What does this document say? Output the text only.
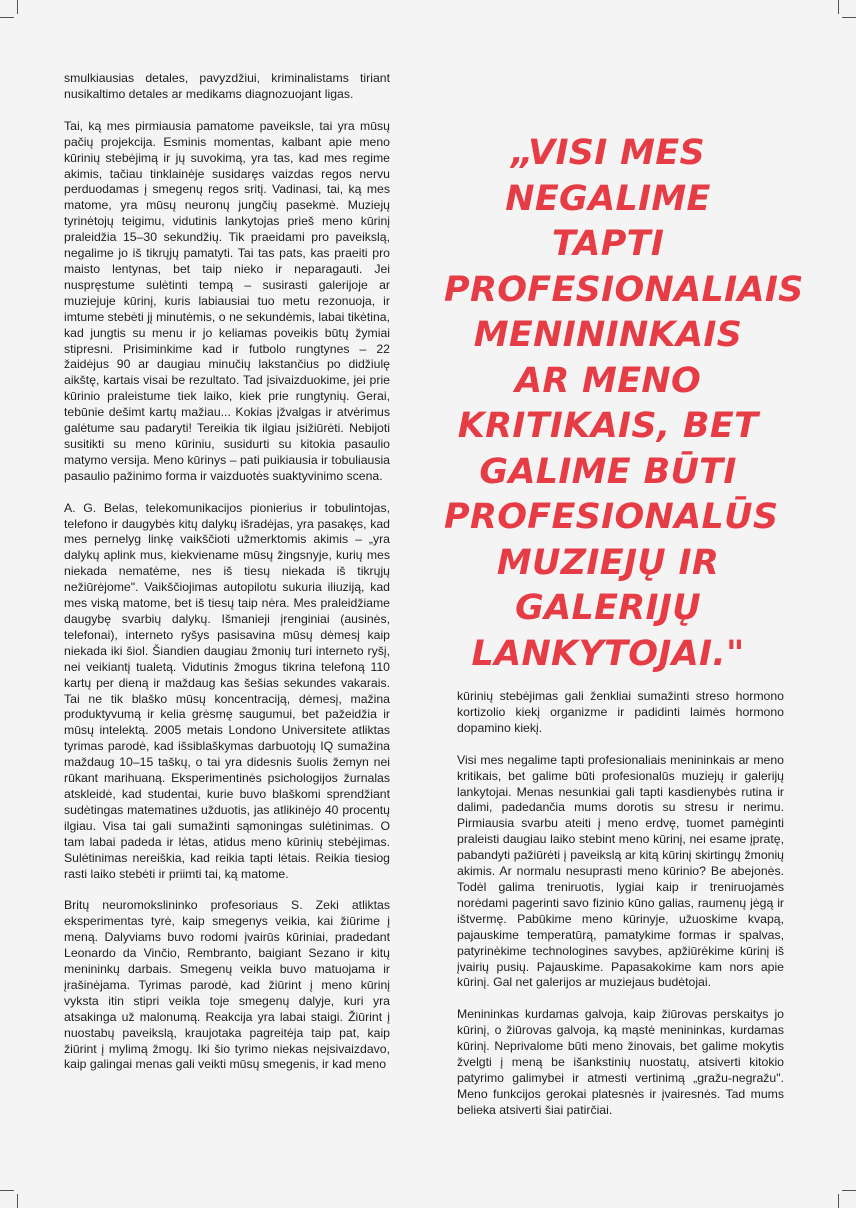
smulkiausias detales, pavyzdžiui, kriminalistams tiriant nusikaltimo detales ar medikams diagnozuojant ligas.

Tai, ką mes pirmiausia pamatome paveiksle, tai yra mūsų pačių projekcija. Esminis momentas, kalbant apie meno kūrinių stebėjimą ir jų suvokimą, yra tas, kad mes regime akimis, tačiau tinklainėje susidaręs vaizdas regos nervu perduodamas į smegenų regos sritį. Vadinasi, tai, ką mes matome, yra mūsų neuronų jungčių pasekmė. Muziejų tyrinėtojų teigimu, vidutinis lankytojas prieš meno kūrinį praleidžia 15–30 sekundžių. Tik praeidami pro paveikslą, negalime jo iš tikrųjų pamatyti. Tai tas pats, kas praeiti pro maisto lentynas, bet taip nieko ir neparagauti. Jei nuspręstume sulėtinti tempą – susirasti galerijoje ar muziejuje kūrinį, kuris labiausiai tuo metu rezonuoja, ir imtume stebėti jį minutėmis, o ne sekundėmis, labai tikėtina, kad jungtis su menu ir jo keliamas poveikis būtų žymiai stipresni. Prisiminkime kad ir futbolo rungtynes – 22 žaidėjus 90 ar daugiau minučių lakstančius po didžiulę aikštę, kartais visai be rezultato. Tad įsivaizduokime, jei prie kūrinio praleistume tiek laiko, kiek prie rungtynių. Gerai, tebūnie dešimt kartų mažiau... Kokias įžvalgas ir atvėrimus galėtume sau padaryti! Tereikia tik ilgiau įsižiūrėti. Nebijoti susitikti su meno kūriniu, susidurti su kitokia pasaulio matymo versija. Meno kūrinys – pati puikiausia ir tobuliausia pasaulio pažinimo forma ir vaizduotės suaktyvinimo scena.

A. G. Belas, telekomunikacijos pionierius ir tobulintojas, telefono ir daugybės kitų dalykų išradėjas, yra pasakęs, kad mes pernelyg linkę vaikščioti užmerktomis akimis – „yra dalykų aplink mus, kiekviename mūsų žingsnyje, kurių mes niekada nematėme, nes iš tiesų niekada iš tikrųjų nežiūrėjome". Vaikščiojimas autopilotu sukuria iliuziją, kad mes viską matome, bet iš tiesų taip nėra. Mes praleidžiame daugybę svarbių dalykų. Išmanieji įrenginiai (ausinės, telefonai), interneto ryšys pasisavina mūsų dėmesį kaip niekada iki šiol. Šiandien daugiau žmonių turi interneto ryšį, nei veikiantį tualetą. Vidutinis žmogus tikrina telefoną 110 kartų per dieną ir maždaug kas šešias sekundes vakarais. Tai ne tik blaško mūsų koncentraciją, dėmesį, mažina produktyvumą ir kelia grėsmę saugumui, bet pažeidžia ir mūsų intelektą. 2005 metais Londono Universitete atliktas tyrimas parodė, kad išsiblaškymas darbuotojų IQ sumažina maždaug 10–15 taškų, o tai yra didesnis šuolis žemyn nei rūkant marihuaną. Eksperimentinės psichologijos žurnalas atskleidė, kad studentai, kurie buvo blaškomi sprendžiant sudėtingas matematines užduotis, jas atlikinėjo 40 procentų ilgiau. Visa tai gali sumažinti sąmoningas sulėtinimas. O tam labai padeda ir lėtas, atidus meno kūrinių stebėjimas. Sulėtinimas nereiškia, kad reikia tapti lėtais. Reikia tiesiog rasti laiko stebėti ir priimti tai, ką matome.

Britų neuromokslininko profesoriaus S. Zeki atliktas eksperimentas tyrė, kaip smegenys veikia, kai žiūrime į meną. Dalyviams buvo rodomi įvairūs kūriniai, pradedant Leonardo da Vinčio, Rembranto, baigiant Sezano ir kitų menininkų darbais. Smegenų veikla buvo matuojama ir įrašinėjama. Tyrimas parodė, kad žiūrint į meno kūrinį vyksta itin stipri veikla toje smegenų dalyje, kuri yra atsakinga už malonumą. Reakcija yra labai staigi. Žiūrint į nuostabų paveikslą, kraujotaka pagreitėja taip pat, kaip žiūrint į mylimą žmogų. Iki šio tyrimo niekas neįsivaizdavo, kaip galingai menas gali veikti mūsų smegenis, ir kad meno

„VISI MES NEGALIME TAPTI PROFESIONALIAIS MENININKAIS AR MENO KRITIKAIS, BET GALIME BŪTI PROFESIONALŪS MUZIEJŲ IR GALERIJŲ LANKYTOJAI."

kūrinių stebėjimas gali ženkliai sumažinti streso hormono kortizolio kiekį organizme ir padidinti laimės hormono dopamino kiekį.

Visi mes negalime tapti profesionaliais menininkais ar meno kritikais, bet galime būti profesionalūs muziejų ir galerijų lankytojai. Menas nesunkiai gali tapti kasdienybės rutina ir dalimi, padedančia mums dorotis su stresu ir nerimu. Pirmiausia svarbu ateiti į meno erdvę, tuomet pamėginti praleisti daugiau laiko stebint meno kūrinį, nei esame įpratę, pabandyti pažiūrėti į paveikslą ar kitą kūrinį skirtingų žmonių akimis. Ar normalu nesuprasti meno kūrinio? Be abejonės. Todėl galima treniruotis, lygiai kaip ir treniruojamės norėdami pagerinti savo fizinio kūno galias, raumenų jėgą ir ištvermę. Pabūkime meno kūrinyje, užuoskime kvapą, pajauskime temperatūrą, pamatykime formas ir spalvas, patyrinėkime technologines savybes, apžiūrėkime kūrinį iš įvairių pusių. Pajauskime. Papasakokime kam nors apie kūrinį. Gal net galerijos ar muziejaus budėtojai.

Menininkas kurdamas galvoja, kaip žiūrovas perskaitys jo kūrinį, o žiūrovas galvoja, ką mąstė menininkas, kurdamas kūrinį. Neprivalome būti meno žinovais, bet galime mokytis žvelgti į meną be išankstinių nuostatų, atsiverti kitokio patyrimo galimybei ir atmesti vertinimą „gražu-negražu". Meno funkcijos gerokai platesnės ir įvairesnės. Tad mums belieka atsiverti šiai patirčiai.
